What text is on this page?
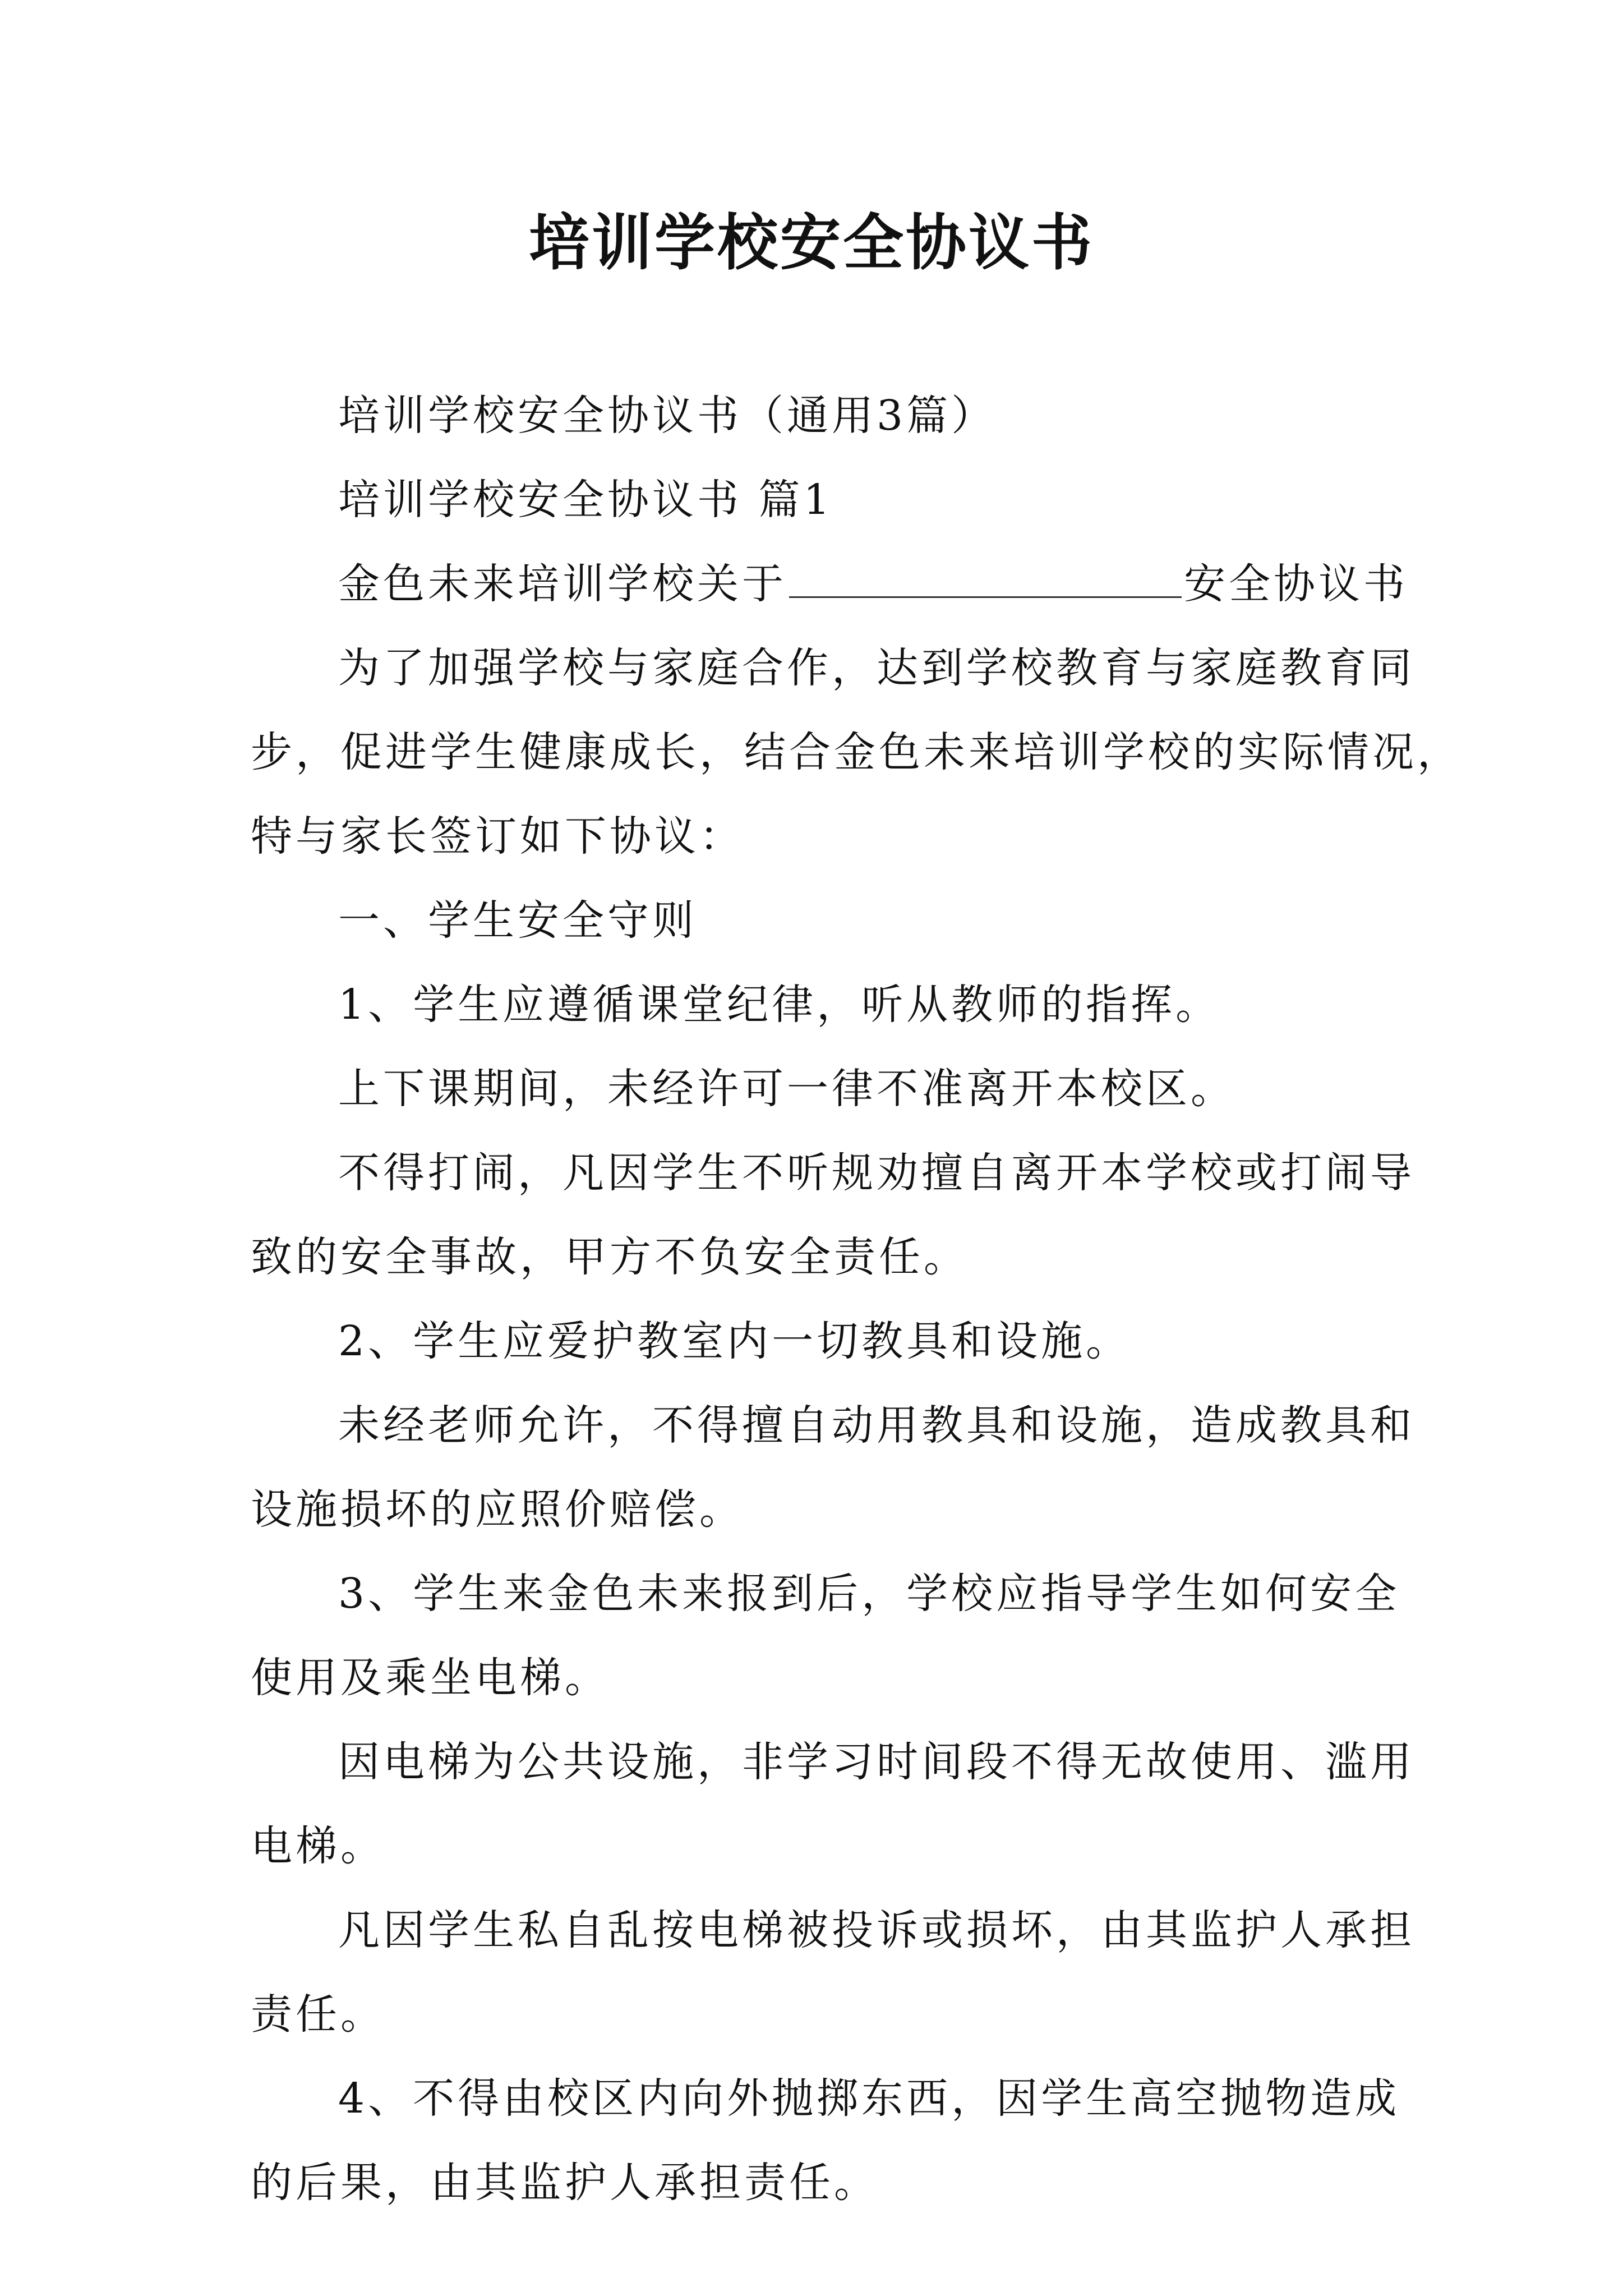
培训学校安全协议书
培训学校安全协议书（通用3篇）
培训学校安全协议书 篇1
金色未来培训学校关于	安全协议书
为了加强学校与家庭合作，达到学校教育与家庭教育同
步，促进学生健康成长，结合金色未来培训学校的实际情况，
特与家长签订如下协议：
一、学生安全守则
1、学生应遵循课堂纪律，听从教师的指挥。
上下课期间，未经许可一律不准离开本校区。
不得打闹，凡因学生不听规劝擅自离开本学校或打闹导
致的安全事故，甲方不负安全责任。
2、学生应爱护教室内一切教具和设施。
未经老师允许，不得擅自动用教具和设施，造成教具和
设施损坏的应照价赔偿。
3、学生来金色未来报到后，学校应指导学生如何安全
使用及乘坐电梯。
因电梯为公共设施，非学习时间段不得无故使用、滥用
电梯。
凡因学生私自乱按电梯被投诉或损坏，由其监护人承担
责任。
4、不得由校区内向外抛掷东西，因学生高空抛物造成
的后果，由其监护人承担责任。
